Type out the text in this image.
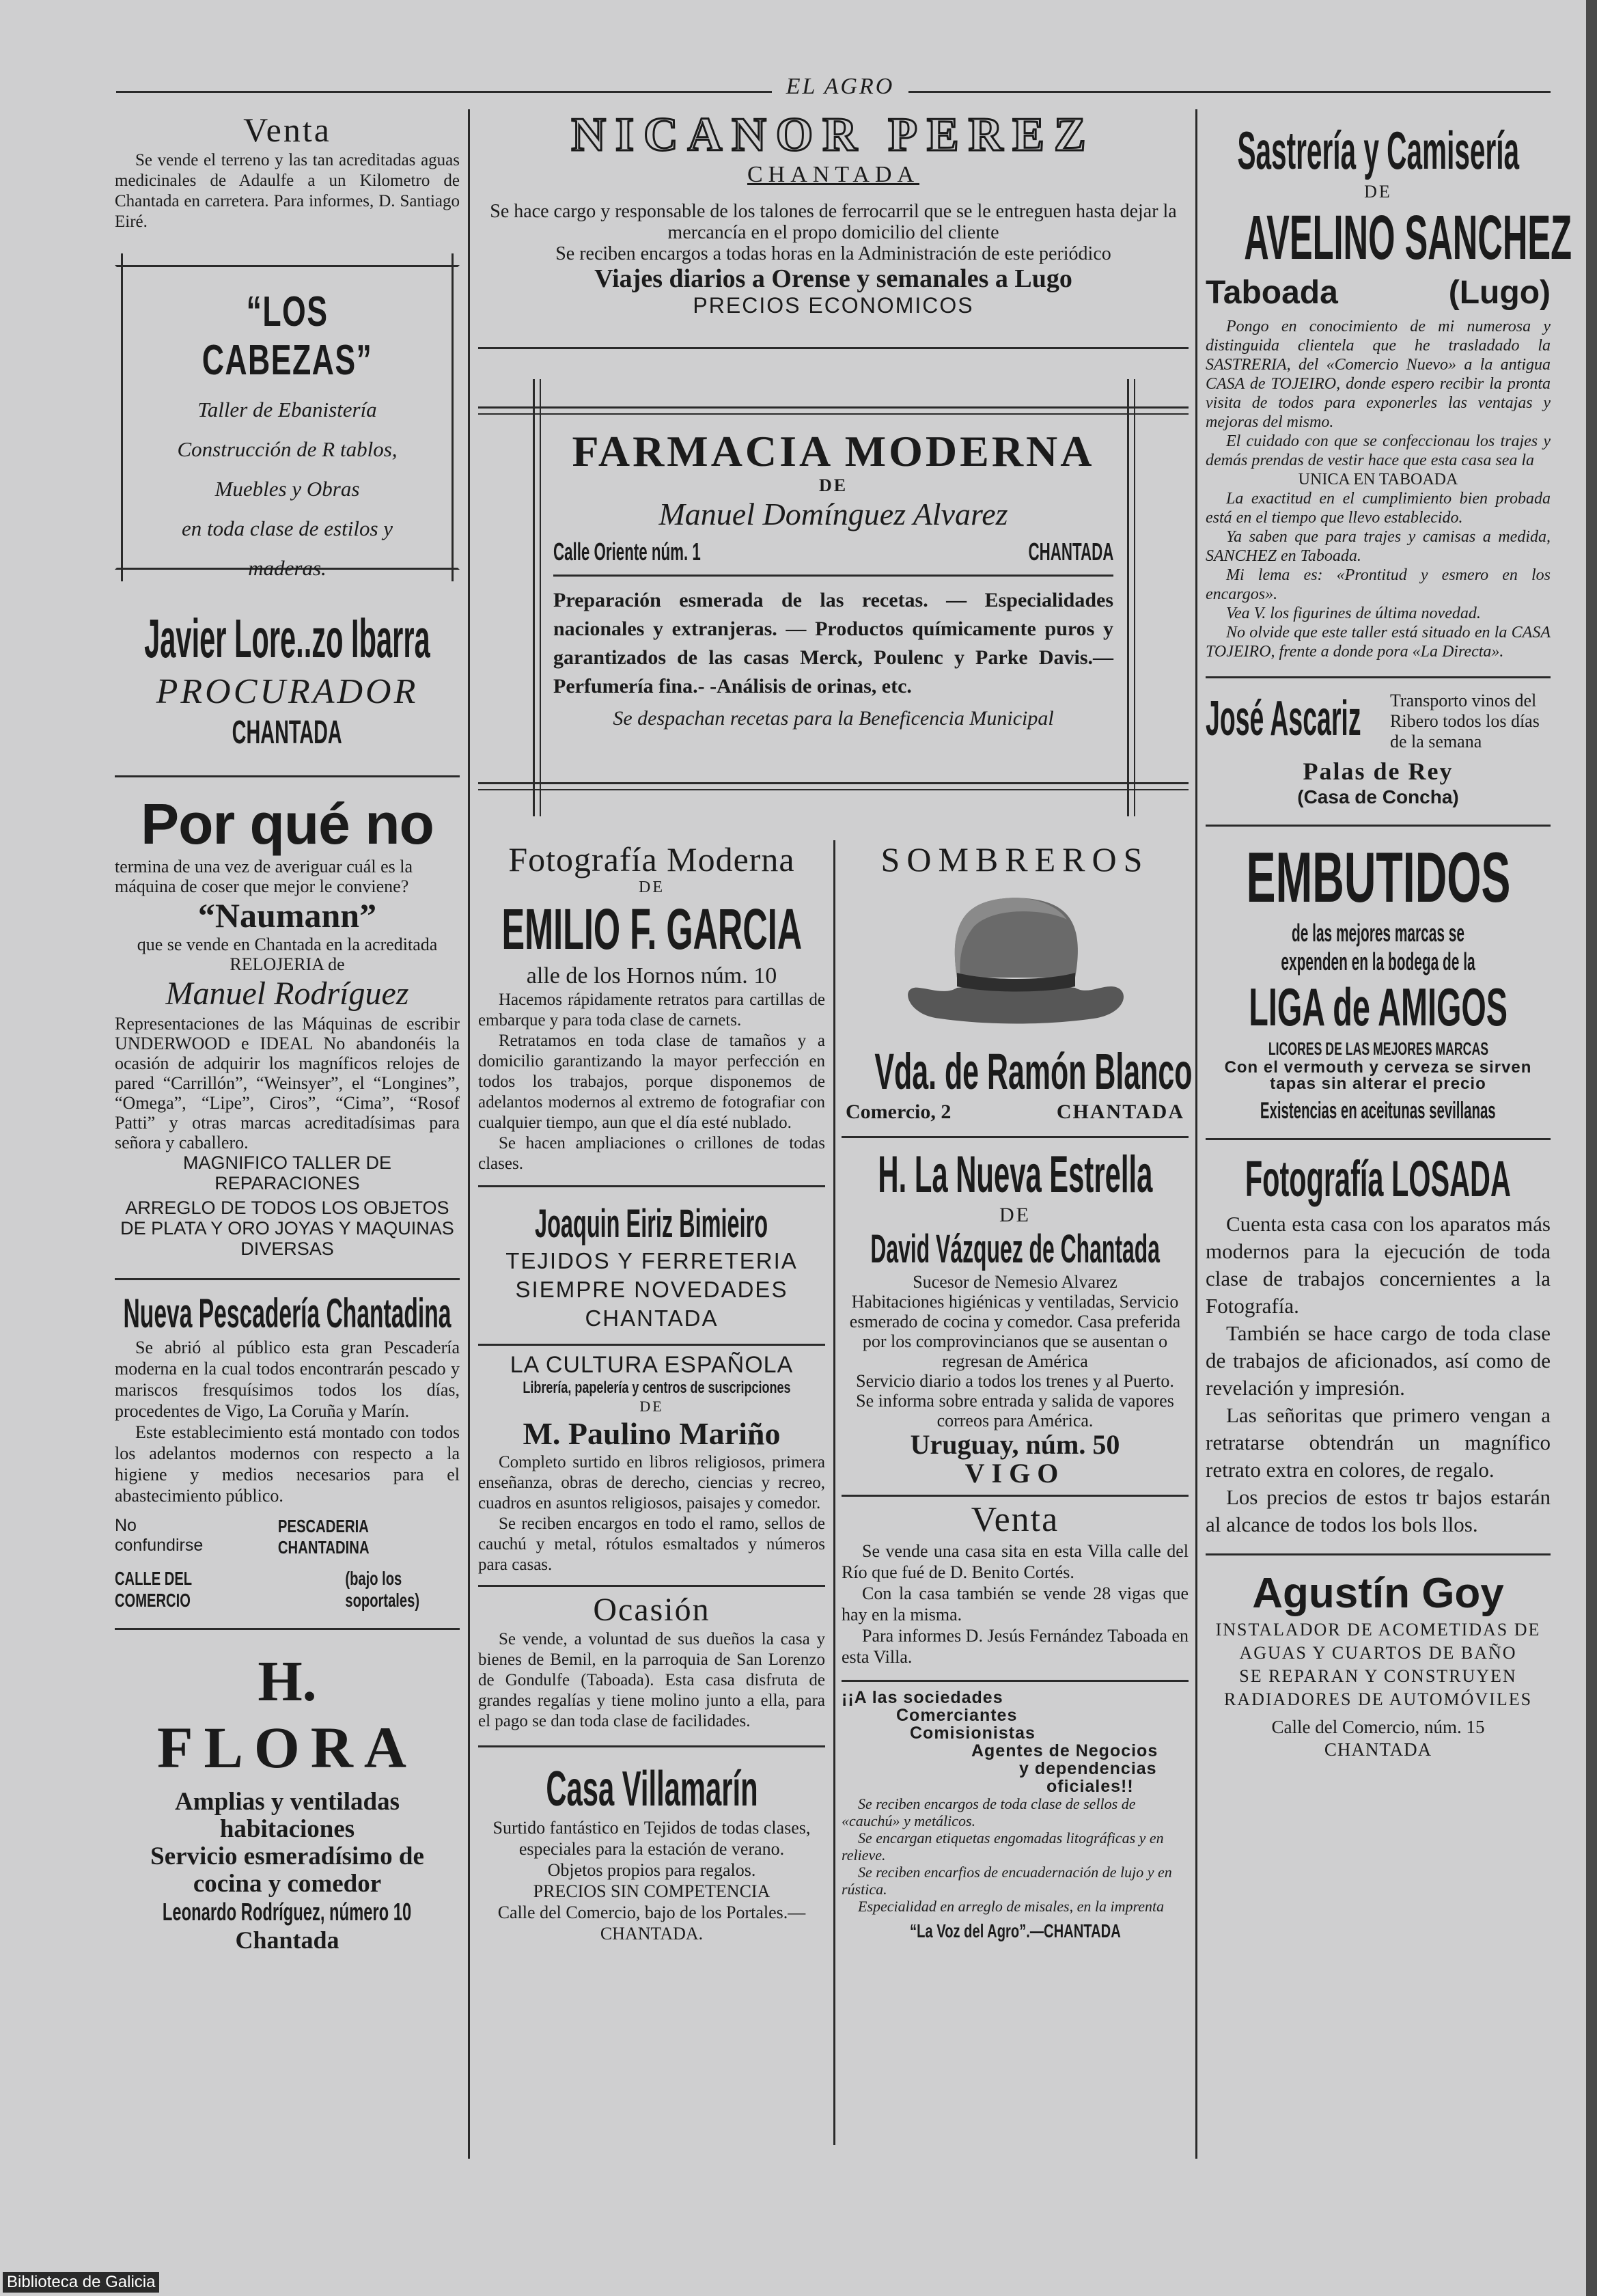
EL AGRO
Venta

Se vende el terreno y las tan acreditadas aguas medicinales de Adaulfe a un Kilometro de Chantada en carretera. Para informes, D. Santiago Eiré.

“LOS CABEZAS”
Taller de Ebanistería
Construcción de R tablos,
Muebles y Obras
en toda clase de estilos y
maderas.
Javier Lore..zo Ibarra
PROCURADOR
CHANTADA
Por qué no

termina de una vez de averiguar cuál es la máquina de coser que mejor le conviene?

“Naumann”

que se vende en Chantada en la acreditada RELOJERIA de

Manuel Rodríguez

Representaciones de las Máquinas de escribir UNDERWOOD e IDEAL No abandonéis la ocasión de adquirir los magníficos relojes de pared “Carrillón”, “Weinsyer”, el “Longines”, “Omega”, “Lipe”, Ciros”, “Cima”, “Rosof Patti” y otras marcas acreditadísimas para señora y caballero.

MAGNIFICO TALLER DE REPARACIONES

ARREGLO DE TODOS LOS OBJETOS DE PLATA Y ORO JOYAS Y MAQUINAS DIVERSAS

Nueva Pescadería Chantadina

Se abrió al público esta gran Pescadería moderna en la cual todos encontrarán pescado y mariscos fresquísimos todos los días, procedentes de Vigo, La Coruña y Marín.

Este establecimiento está montado con todos los adelantos modernos con respecto a la higiene y medios necesarios para el abastecimiento público.

No confundirse
PESCADERIA CHANTADINA
CALLE DEL COMERCIO
(bajo los soportales)
H.
FLORA
Amplias y ventiladas habitaciones
Servicio esmeradísimo de cocina y comedor
Leonardo Rodríguez, número 10
Chantada
NICANOR PEREZ
CHANTADA

Se hace cargo y responsable de los talones de ferrocarril que se le entreguen hasta dejar la mercancía en el propo domicilio del cliente

Se reciben encargos a todas horas en la Administración de este periódico

Viajes diarios a Orense y semanales a Lugo

PRECIOS ECONOMICOS

FARMACIA MODERNA
DE
Manuel Domínguez Alvarez
Calle Oriente núm. 1	CHANTADA

Preparación esmerada de las recetas. — Especialidades nacionales y extranjeras. — Productos químicamente puros y garantizados de las casas Merck, Poulenc y Parke Davis.—Perfumería fina.- -Análisis de orinas, etc.

Se despachan recetas para la Beneficencia Municipal

Fotografía Moderna
DE
EMILIO F. GARCIA
alle de los Hornos núm. 10

Hacemos rápidamente retratos para cartillas de embarque y para toda clase de carnets.

Retratamos en toda clase de tamaños y a domicilio garantizando la mayor perfección en todos los trabajos, porque disponemos de adelantos modernos al extremo de fotografiar con cualquier tiempo, aun que el día esté nublado.

Se hacen ampliaciones o crillones de todas clases.

Joaquin Eiriz Bimieiro
TEJIDOS Y FERRETERIA
SIEMPRE NOVEDADES
CHANTADA
LA CULTURA ESPAÑOLA
Librería, papelería y centros de suscripciones
DE
M. Paulino Mariño

Completo surtido en libros religiosos, primera enseñanza, obras de derecho, ciencias y recreo, cuadros en asuntos religiosos, paisajes y comedor.

Se reciben encargos en todo el ramo, sellos de cauchú y metal, rótulos esmaltados y números para casas.

Ocasión

Se vende, a voluntad de sus dueños la casa y bienes de Bemil, en la parroquia de San Lorenzo de Gondulfe (Taboada). Esta casa disfruta de grandes regalías y tiene molino junto a ella, para el pago se dan toda clase de facilidades.

Casa Villamarín

Surtido fantástico en Tejidos de todas clases, especiales para la estación de verano.

Objetos propios para regalos.

PRECIOS SIN COMPETENCIA

Calle del Comercio, bajo de los Portales.— CHANTADA.

SOMBREROS
Vda. de Ramón Blanco
Comercio, 2	CHANTADA
H. La Nueva Estrella
DE
David Vázquez de Chantada

Sucesor de Nemesio Alvarez

Habitaciones higiénicas y ventiladas, Servicio esmerado de cocina y comedor. Casa preferida por los comprovincianos que se ausentan o regresan de América

Servicio diario a todos los trenes y al Puerto.

Se informa sobre entrada y salida de vapores correos para América.

Uruguay, núm. 50
VIGO
Venta

Se vende una casa sita en esta Villa calle del Río que fué de D. Benito Cortés.

Con la casa también se vende 28 vigas que hay en la misma.

Para informes D. Jesús Fernández Taboada en esta Villa.

¡¡A las sociedades
Comerciantes
Comisionistas
Agentes de Negocios
y dependencias
oficiales!!

Se reciben encargos de toda clase de sellos de «cauchú» y metálicos.

Se encargan etiquetas engomadas litográficas y en relieve.

Se reciben encarfios de encuadernación de lujo y en rústica.

Especialidad en arreglo de misales, en la imprenta

“La Voz del Agro”.—CHANTADA
Sastrería y Camisería
DE
AVELINO SANCHEZ
Taboada	(Lugo)

Pongo en conocimiento de mi numerosa y distinguida clientela que he trasladado la SASTRERIA, del «Comercio Nuevo» a la antigua CASA de TOJEIRO, donde espero recibir la pronta visita de todos para exponerles las ventajas y mejoras del mismo.

El cuidado con que se confeccionau los trajes y demás prendas de vestir hace que esta casa sea la

UNICA EN TABOADA

La exactitud en el cumplimiento bien probada está en el tiempo que llevo establecido.

Ya saben que para trajes y camisas a medida, SANCHEZ en Taboada.

Mi lema es: «Prontitud y esmero en los encargos».

Vea V. los figurines de última novedad.

No olvide que este taller está situado en la CASA TOJEIRO, frente a donde pora «La Directa».

José Ascariz Transporto vinos del Ribero todos los días de la semana

Palas de Rey
(Casa de Concha)
EMBUTIDOS

de las mejores marcas se expenden en la bodega de la

LIGA de AMIGOS
LICORES DE LAS MEJORES MARCAS

Con el vermouth y cerveza se sirven tapas sin alterar el precio

Existencias en aceitunas sevillanas
Fotografía LOSADA

Cuenta esta casa con los aparatos más modernos para la ejecución de toda clase de trabajos concernientes a la Fotografía.

También se hace cargo de toda clase de trabajos de aficionados, así como de revelación y impresión.

Las señoritas que primero vengan a retratarse obtendrán un magnífico retrato extra en colores, de regalo.

Los precios de estos tr bajos estarán al alcance de todos los bols llos.

Agustín Goy

INSTALADOR DE ACOMETIDAS DE AGUAS Y CUARTOS DE BAÑO

SE REPARAN Y CONSTRUYEN RADIADORES DE AUTOMÓVILES

Calle del Comercio, núm. 15

CHANTADA

Biblioteca de Galicia
